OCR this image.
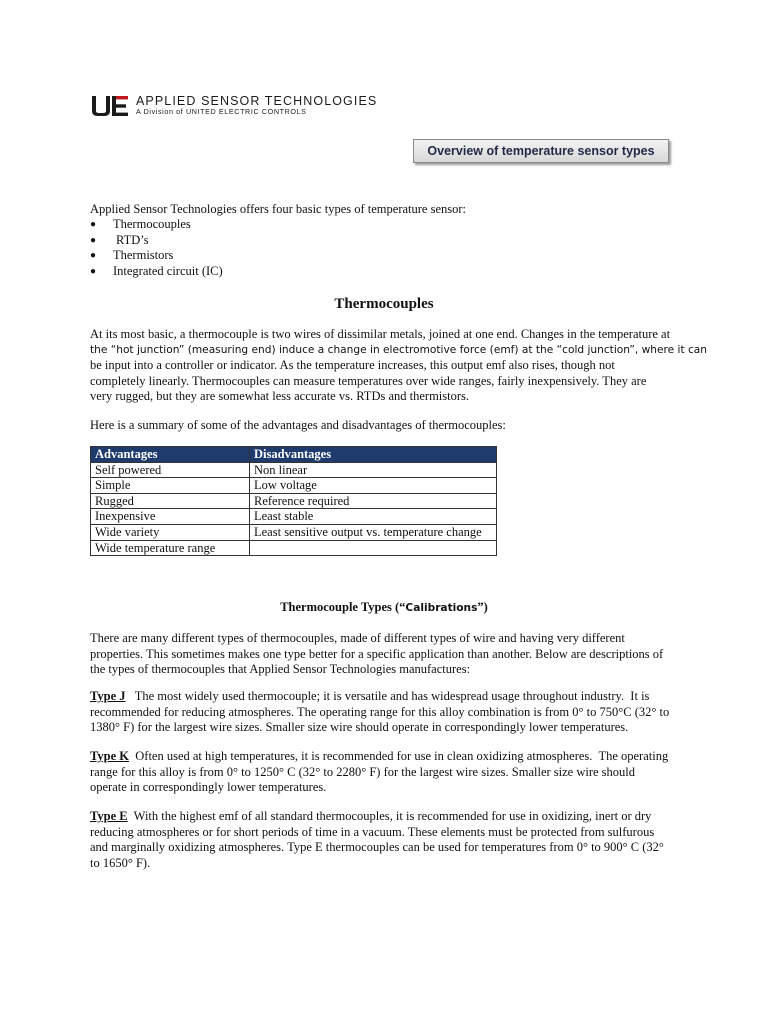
APPLIED SENSOR TECHNOLOGIES
A Division of UNITED ELECTRIC CONTROLS
Overview of temperature sensor types
Applied Sensor Technologies offers four basic types of temperature sensor:
● Thermocouples
● RTD’s
● Thermistors
● Integrated circuit (IC)
Thermocouples
At its most basic, a thermocouple is two wires of dissimilar metals, joined at one end. Changes in the temperature at
the “hot junction” (measuring end) induce a change in electromotive force (emf) at the “cold junction”, where it can
be input into a controller or indicator. As the temperature increases, this output emf also rises, though not
completely linearly. Thermocouples can measure temperatures over wide ranges, fairly inexpensively. They are
very rugged, but they are somewhat less accurate vs. RTDs and thermistors.
Here is a summary of some of the advantages and disadvantages of thermocouples:
Advantages	Disadvantages
Self powered	Non linear
Simple	Low voltage
Rugged	Reference required
Inexpensive	Least stable
Wide variety	Least sensitive output vs. temperature change
Wide temperature range	
Thermocouple Types (“Calibrations”)
There are many different types of thermocouples, made of different types of wire and having very different
properties. This sometimes makes one type better for a specific application than another. Below are descriptions of
the types of thermocouples that Applied Sensor Technologies manufactures:
Type J   The most widely used thermocouple; it is versatile and has widespread usage throughout industry.  It is
recommended for reducing atmospheres. The operating range for this alloy combination is from 0° to 750°C (32° to
1380° F) for the largest wire sizes. Smaller size wire should operate in correspondingly lower temperatures.
Type K  Often used at high temperatures, it is recommended for use in clean oxidizing atmospheres.  The operating
range for this alloy is from 0° to 1250° C (32° to 2280° F) for the largest wire sizes. Smaller size wire should
operate in correspondingly lower temperatures.
Type E  With the highest emf of all standard thermocouples, it is recommended for use in oxidizing, inert or dry
reducing atmospheres or for short periods of time in a vacuum. These elements must be protected from sulfurous
and marginally oxidizing atmospheres. Type E thermocouples can be used for temperatures from 0° to 900° C (32°
to 1650° F).
